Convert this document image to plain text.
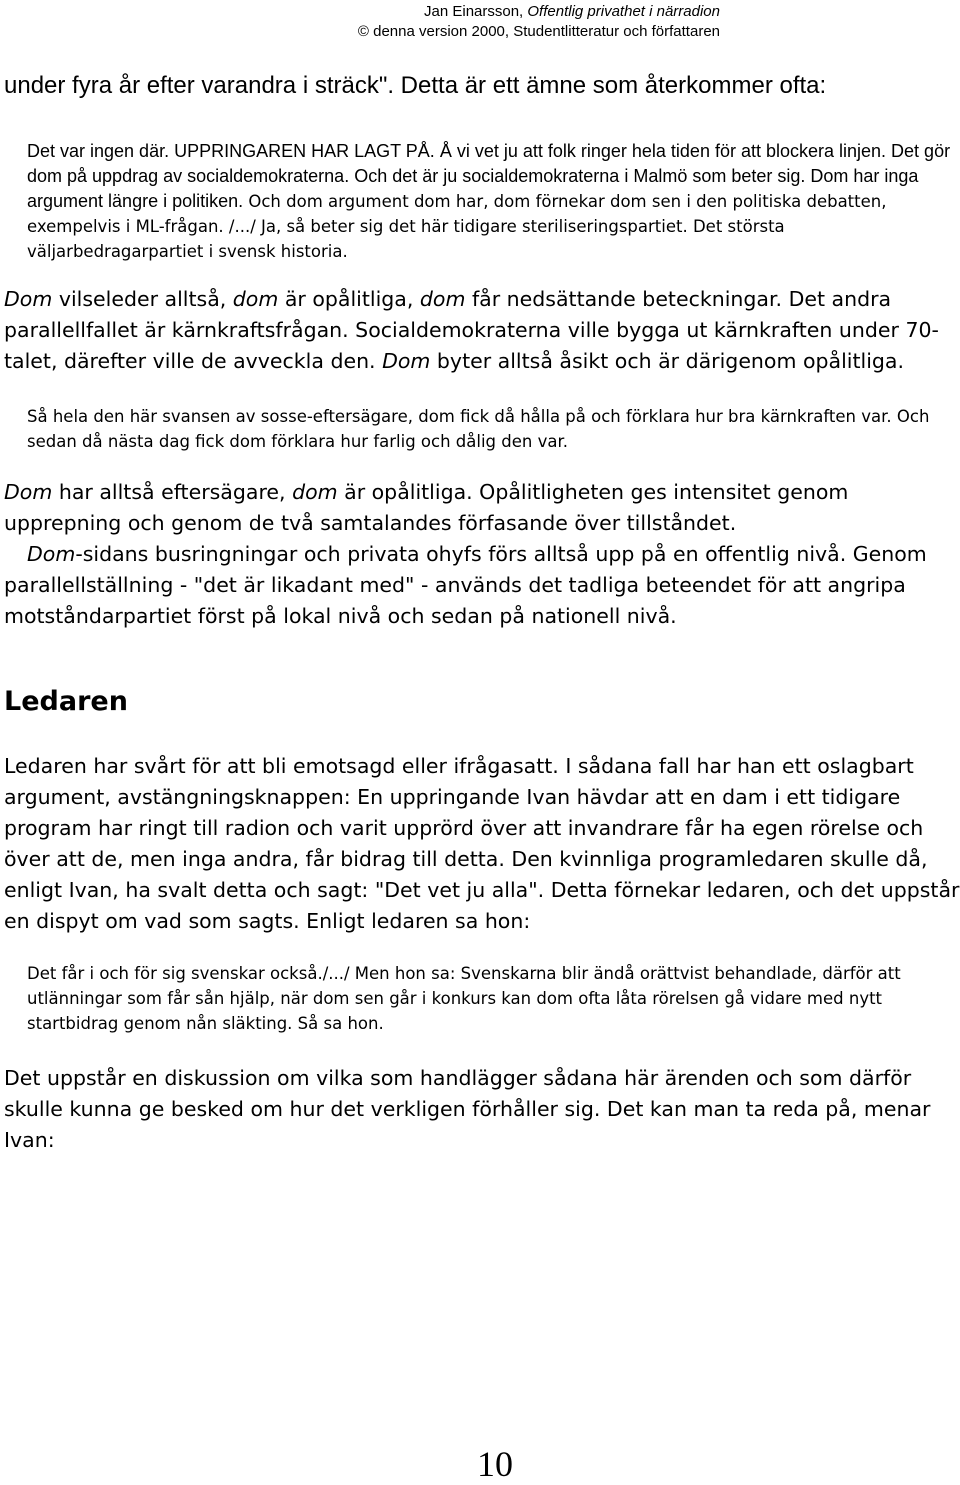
Jan Einarsson, Offentlig privathet i närradion
© denna version 2000, Studentlitteratur och författaren

under fyra år efter varandra i sträck". Detta är ett ämne som återkommer ofta:

Det var ingen där. UPPRINGAREN HAR LAGT PÅ. Å vi vet ju att folk ringer hela tiden för att blockera linjen. Det gör dom på uppdrag av socialdemokraterna. Och det är ju socialdemokraterna i Malmö som beter sig. Dom har inga argument längre i politiken. Och dom argument dom har, dom förnekar dom sen i den politiska debatten, exempelvis i ML-frågan. /.../ Ja, så beter sig det här tidigare steriliseringspartiet. Det största väljarbedragarpartiet i svensk historia.

Dom vilseleder alltså, dom är opålitliga, dom får nedsättande beteckningar. Det andra parallellfallet är kärnkraftsfrågan. Socialdemokraterna ville bygga ut kärnkraften under 70-talet, därefter ville de avveckla den. Dom byter alltså åsikt och är därigenom opålitliga.

Så hela den här svansen av sosse-eftersägare, dom fick då hålla på och förklara hur bra kärnkraften var. Och sedan då nästa dag fick dom förklara hur farlig och dålig den var.

Dom har alltså eftersägare, dom är opålitliga. Opålitligheten ges intensitet genom upprepning och genom de två samtalandes förfasande över tillståndet.
Dom-sidans busringningar och privata ohyfs förs alltså upp på en offentlig nivå. Genom parallellställning - "det är likadant med" - används det tadliga beteendet för att angripa motståndarpartiet först på lokal nivå och sedan på nationell nivå.

Ledaren

Ledaren har svårt för att bli emotsagd eller ifrågasatt. I sådana fall har han ett oslagbart argument, avstängningsknappen: En uppringande Ivan hävdar att en dam i ett tidigare program har ringt till radion och varit upprörd över att invandrare får ha egen rörelse och över att de, men inga andra, får bidrag till detta. Den kvinnliga programledaren skulle då, enligt Ivan, ha svalt detta och sagt: "Det vet ju alla". Detta förnekar ledaren, och det uppstår en dispyt om vad som sagts. Enligt ledaren sa hon:

Det får i och för sig svenskar också./.../ Men hon sa: Svenskarna blir ändå orättvist behandlade, därför att utlänningar som får sån hjälp, när dom sen går i konkurs kan dom ofta låta rörelsen gå vidare med nytt startbidrag genom nån släkting. Så sa hon.

Det uppstår en diskussion om vilka som handlägger sådana här ärenden och som därför skulle kunna ge besked om hur det verkligen förhåller sig. Det kan man ta reda på, menar Ivan:

10
